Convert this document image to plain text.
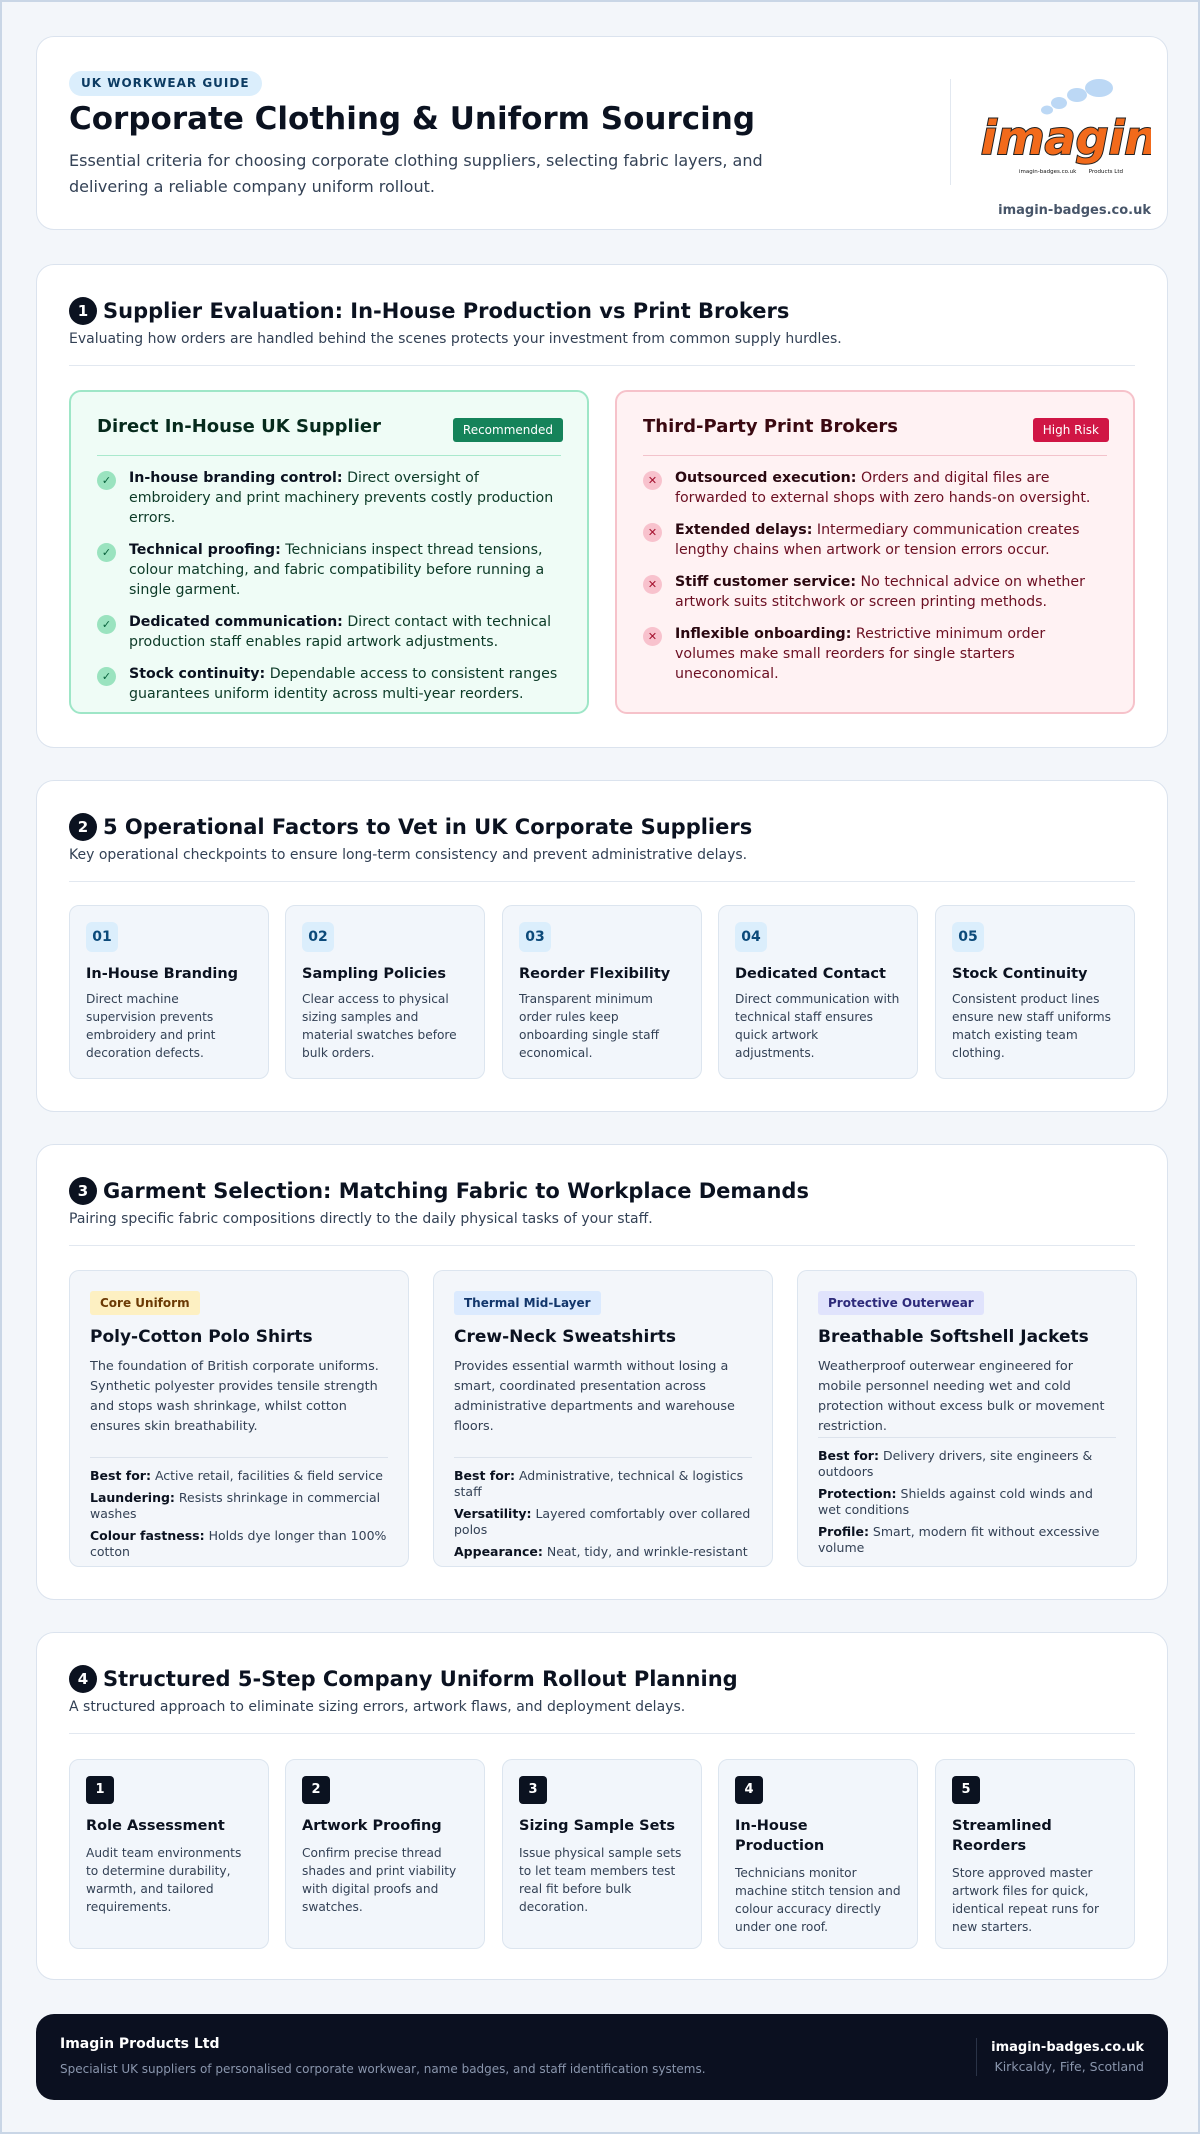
UK WORKWEAR GUIDE
Corporate Clothing & Uniform Sourcing

Essential criteria for choosing corporate clothing suppliers, selecting fabric layers, and delivering a reliable company uniform rollout.

imagin
imagin-badges.co.uk Products Ltd
imagin-badges.co.uk
1 Supplier Evaluation: In-House Production vs Print Brokers
Evaluating how orders are handled behind the scenes protects your investment from common supply hurdles.
Direct In-House UK Supplier	Recommended
✓	In-house branding control: Direct oversight of embroidery and print machinery prevents costly production errors.
✓	Technical proofing: Technicians inspect thread tensions, colour matching, and fabric compatibility before running a single garment.
✓	Dedicated communication: Direct contact with technical production staff enables rapid artwork adjustments.
✓	Stock continuity: Dependable access to consistent ranges guarantees uniform identity across multi-year reorders.
Third-Party Print Brokers	High Risk
✕	Outsourced execution: Orders and digital files are forwarded to external shops with zero hands-on oversight.
✕	Extended delays: Intermediary communication creates lengthy chains when artwork or tension errors occur.
✕	Stiff customer service: No technical advice on whether artwork suits stitchwork or screen printing methods.
✕	Inflexible onboarding: Restrictive minimum order volumes make small reorders for single starters uneconomical.
2 5 Operational Factors to Vet in UK Corporate Suppliers
Key operational checkpoints to ensure long-term consistency and prevent administrative delays.
01
In-House Branding
Direct machine supervision prevents embroidery and print decoration defects.
02
Sampling Policies
Clear access to physical sizing samples and material swatches before bulk orders.
03
Reorder Flexibility
Transparent minimum order rules keep onboarding single staff economical.
04
Dedicated Contact
Direct communication with technical staff ensures quick artwork adjustments.
05
Stock Continuity
Consistent product lines ensure new staff uniforms match existing team clothing.
3 Garment Selection: Matching Fabric to Workplace Demands
Pairing specific fabric compositions directly to the daily physical tasks of your staff.
Core Uniform
Poly-Cotton Polo Shirts
The foundation of British corporate uniforms. Synthetic polyester provides tensile strength and stops wash shrinkage, whilst cotton ensures skin breathability.
Best for: Active retail, facilities & field service
Laundering: Resists shrinkage in commercial washes
Colour fastness: Holds dye longer than 100% cotton
Thermal Mid-Layer
Crew-Neck Sweatshirts
Provides essential warmth without losing a smart, coordinated presentation across administrative departments and warehouse floors.
Best for: Administrative, technical & logistics staff
Versatility: Layered comfortably over collared polos
Appearance: Neat, tidy, and wrinkle-resistant
Protective Outerwear
Breathable Softshell Jackets
Weatherproof outerwear engineered for mobile personnel needing wet and cold protection without excess bulk or movement restriction.
Best for: Delivery drivers, site engineers & outdoors
Protection: Shields against cold winds and wet conditions
Profile: Smart, modern fit without excessive volume
4 Structured 5-Step Company Uniform Rollout Planning
A structured approach to eliminate sizing errors, artwork flaws, and deployment delays.
1
Role Assessment
Audit team environments to determine durability, warmth, and tailored requirements.
2
Artwork Proofing
Confirm precise thread shades and print viability with digital proofs and swatches.
3
Sizing Sample Sets
Issue physical sample sets to let team members test real fit before bulk decoration.
4
In-House Production
Technicians monitor machine stitch tension and colour accuracy directly under one roof.
5
Streamlined Reorders
Store approved master artwork files for quick, identical repeat runs for new starters.
Imagin Products Ltd
Specialist UK suppliers of personalised corporate workwear, name badges, and staff identification systems.
imagin-badges.co.uk
Kirkcaldy, Fife, Scotland
